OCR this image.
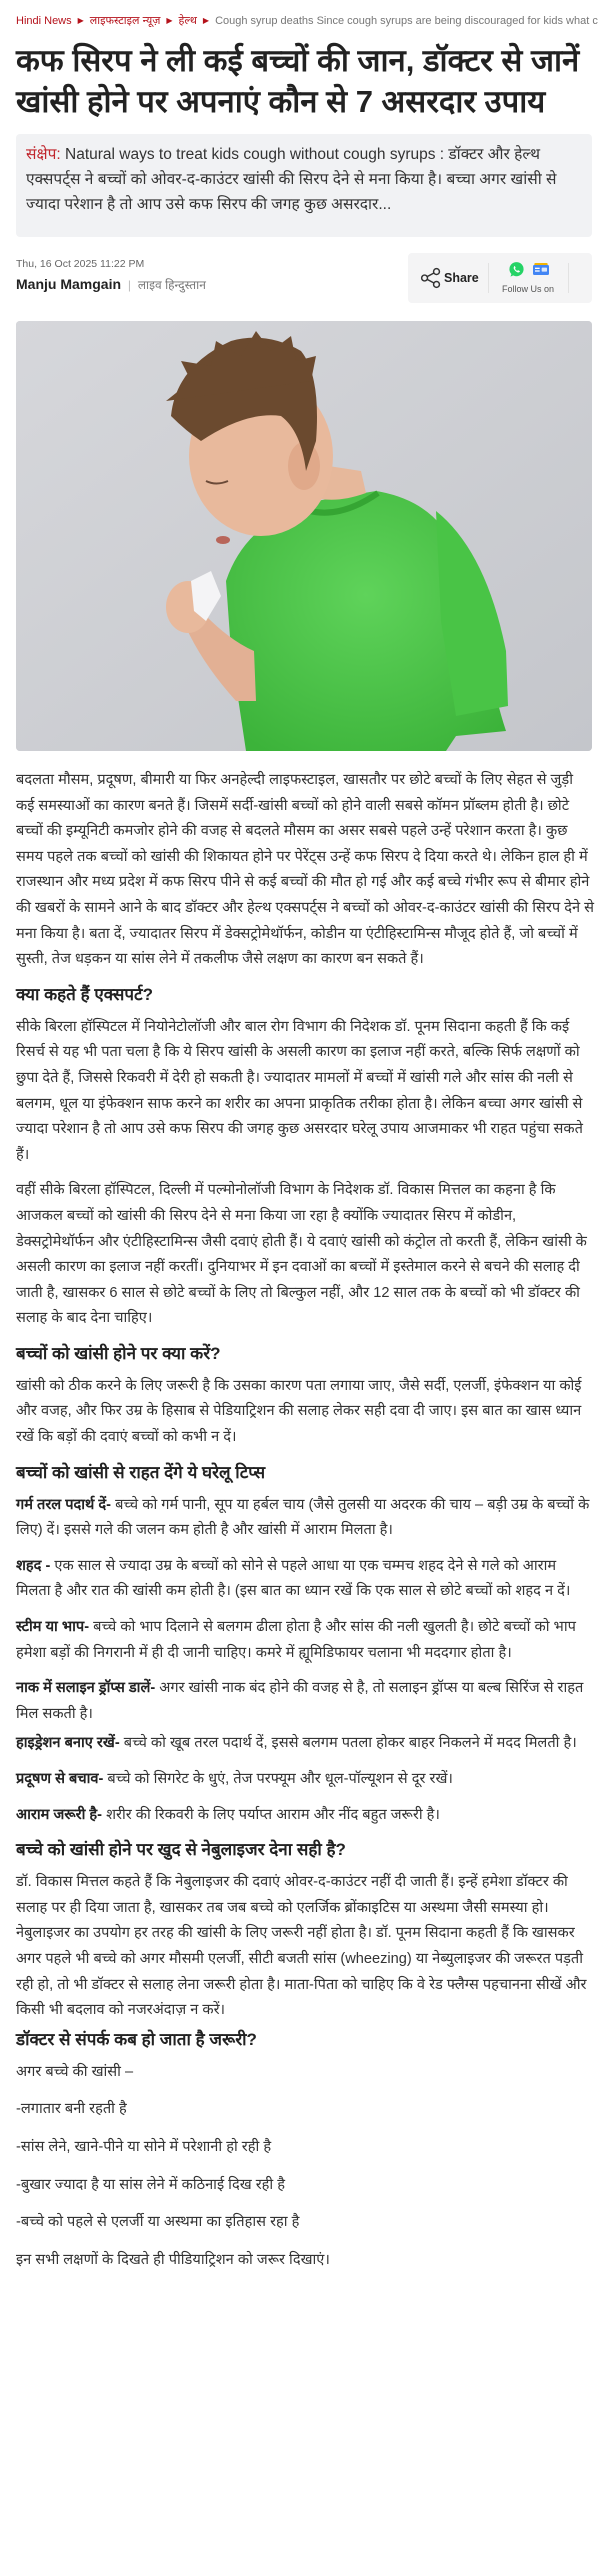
Hindi News ▶ लाइफस्टाइल न्यूज़ ▶ हेल्थ ▶ Cough syrup deaths Since cough syrups are being discouraged for kids what c
कफ सिरप ने ली कई बच्चों की जान, डॉक्टर से जानें खांसी होने पर अपनाएं कौन से 7 असरदार उपाय
संक्षेप: Natural ways to treat kids cough without cough syrups : डॉक्टर और हेल्थ एक्सपर्ट्स ने बच्चों को ओवर-द-काउंटर खांसी की सिरप देने से मना किया है। बच्चा अगर खांसी से ज्यादा परेशान है तो आप उसे कफ सिरप की जगह कुछ असरदार...
Thu, 16 Oct 2025 11:22 PM
Manju Mamgain | लाइव हिन्दुस्तान	Share
Follow Us on

बदलता मौसम, प्रदूषण, बीमारी या फिर अनहेल्दी लाइफस्टाइल, खासतौर पर छोटे बच्चों के लिए सेहत से जुड़ी कई समस्याओं का कारण बनते हैं। जिसमें सर्दी-खांसी बच्चों को होने वाली सबसे कॉमन प्रॉब्लम होती है। छोटे बच्चों की इम्यूनिटी कमजोर होने की वजह से बदलते मौसम का असर सबसे पहले उन्हें परेशान करता है। कुछ समय पहले तक बच्चों को खांसी की शिकायत होने पर पेरेंट्स उन्हें कफ सिरप दे दिया करते थे। लेकिन हाल ही में राजस्थान और मध्य प्रदेश में कफ सिरप पीने से कई बच्चों की मौत हो गई और कई बच्चे गंभीर रूप से बीमार होने की खबरों के सामने आने के बाद डॉक्टर और हेल्थ एक्सपर्ट्स ने बच्चों को ओवर-द-काउंटर खांसी की सिरप देने से मना किया है। बता दें, ज्यादातर सिरप में डेक्सट्रोमेथॉर्फन, कोडीन या एंटीहिस्टामिन्स मौजूद होते हैं, जो बच्चों में सुस्ती, तेज धड़कन या सांस लेने में तकलीफ जैसे लक्षण का कारण बन सकते हैं।

क्या कहते हैं एक्सपर्ट?

सीके बिरला हॉस्पिटल में नियोनेटोलॉजी और बाल रोग विभाग की निदेशक डॉ. पूनम सिदाना कहती हैं कि कई रिसर्च से यह भी पता चला है कि ये सिरप खांसी के असली कारण का इलाज नहीं करते, बल्कि सिर्फ लक्षणों को छुपा देते हैं, जिससे रिकवरी में देरी हो सकती है। ज्यादातर मामलों में बच्चों में खांसी गले और सांस की नली से बलगम, धूल या इंफेक्शन साफ करने का शरीर का अपना प्राकृतिक तरीका होता है। लेकिन बच्चा अगर खांसी से ज्यादा परेशान है तो आप उसे कफ सिरप की जगह कुछ असरदार घरेलू उपाय आजमाकर भी राहत पहुंचा सकते हैं।

वहीं सीके बिरला हॉस्पिटल, दिल्ली में पल्मोनोलॉजी विभाग के निदेशक डॉ. विकास मित्तल का कहना है कि आजकल बच्चों को खांसी की सिरप देने से मना किया जा रहा है क्योंकि ज्यादातर सिरप में कोडीन, डेक्सट्रोमेथॉर्फन और एंटीहिस्टामिन्स जैसी दवाएं होती हैं। ये दवाएं खांसी को कंट्रोल तो करती हैं, लेकिन खांसी के असली कारण का इलाज नहीं करतीं। दुनियाभर में इन दवाओं का बच्चों में इस्तेमाल करने से बचने की सलाह दी जाती है, खासकर 6 साल से छोटे बच्चों के लिए तो बिल्कुल नहीं, और 12 साल तक के बच्चों को भी डॉक्टर की सलाह के बाद देना चाहिए।

बच्चों को खांसी होने पर क्या करें?

खांसी को ठीक करने के लिए जरूरी है कि उसका कारण पता लगाया जाए, जैसे सर्दी, एलर्जी, इंफेक्शन या कोई और वजह, और फिर उम्र के हिसाब से पेडियाट्रिशन की सलाह लेकर सही दवा दी जाए। इस बात का खास ध्यान रखें कि बड़ों की दवाएं बच्चों को कभी न दें।

बच्चों को खांसी से राहत देंगे ये घरेलू टिप्स

गर्म तरल पदार्थ दें- बच्चे को गर्म पानी, सूप या हर्बल चाय (जैसे तुलसी या अदरक की चाय – बड़ी उम्र के बच्चों के लिए) दें। इससे गले की जलन कम होती है और खांसी में आराम मिलता है।

शहद - एक साल से ज्यादा उम्र के बच्चों को सोने से पहले आधा या एक चम्मच शहद देने से गले को आराम मिलता है और रात की खांसी कम होती है। (इस बात का ध्यान रखें कि एक साल से छोटे बच्चों को शहद न दें।

स्टीम या भाप- बच्चे को भाप दिलाने से बलगम ढीला होता है और सांस की नली खुलती है। छोटे बच्चों को भाप हमेशा बड़ों की निगरानी में ही दी जानी चाहिए। कमरे में ह्यूमिडिफायर चलाना भी मददगार होता है।

नाक में सलाइन ड्रॉप्स डालें- अगर खांसी नाक बंद होने की वजह से है, तो सलाइन ड्रॉप्स या बल्ब सिरिंज से राहत मिल सकती है।

हाइड्रेशन बनाए रखें- बच्चे को खूब तरल पदार्थ दें, इससे बलगम पतला होकर बाहर निकलने में मदद मिलती है।

प्रदूषण से बचाव- बच्चे को सिगरेट के धुएं, तेज परफ्यूम और धूल-पॉल्यूशन से दूर रखें।

आराम जरूरी है- शरीर की रिकवरी के लिए पर्याप्त आराम और नींद बहुत जरूरी है।

बच्चे को खांसी होने पर खुद से नेबुलाइजर देना सही है?

डॉ. विकास मित्तल कहते हैं कि नेबुलाइजर की दवाएं ओवर-द-काउंटर नहीं दी जाती हैं। इन्हें हमेशा डॉक्टर की सलाह पर ही दिया जाता है, खासकर तब जब बच्चे को एलर्जिक ब्रोंकाइटिस या अस्थमा जैसी समस्या हो। नेबुलाइजर का उपयोग हर तरह की खांसी के लिए जरूरी नहीं होता है। डॉ. पूनम सिदाना कहती हैं कि खासकर अगर पहले भी बच्चे को अगर मौसमी एलर्जी, सीटी बजती सांस (wheezing) या नेब्युलाइजर की जरूरत पड़ती रही हो, तो भी डॉक्टर से सलाह लेना जरूरी होता है। माता-पिता को चाहिए कि वे रेड फ्लैग्स पहचानना सीखें और किसी भी बदलाव को नजरअंदाज़ न करें।

डॉक्टर से संपर्क कब हो जाता है जरूरी?

अगर बच्चे की खांसी –

-लगातार बनी रहती है

-सांस लेने, खाने-पीने या सोने में परेशानी हो रही है

-बुखार ज्यादा है या सांस लेने में कठिनाई दिख रही है

-बच्चे को पहले से एलर्जी या अस्थमा का इतिहास रहा है

इन सभी लक्षणों के दिखते ही पीडियाट्रिशन को जरूर दिखाएं।
